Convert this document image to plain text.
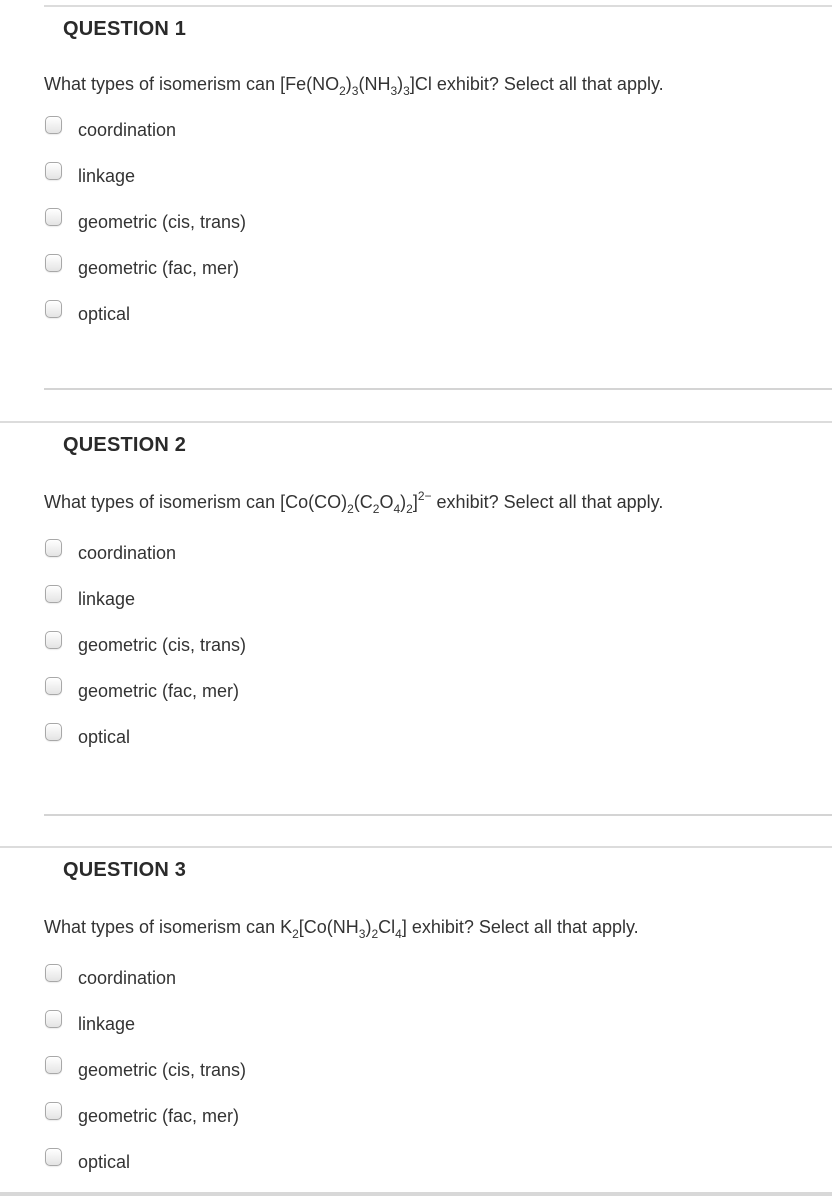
QUESTION 1
What types of isomerism can $[Fe(NO_2)_3(NH_3)_3]Cl$ exhibit? Select all that apply.
coordination
linkage
geometric (cis, trans)
geometric (fac, mer)
optical
QUESTION 2
What types of isomerism can $[Co(CO)_2(C_2O_4)_2]^{2-}$ exhibit? Select all that apply.
coordination
linkage
geometric (cis, trans)
geometric (fac, mer)
optical
QUESTION 3
What types of isomerism can $K_2[Co(NH_3)_2Cl_4]$ exhibit? Select all that apply.
coordination
linkage
geometric (cis, trans)
geometric (fac, mer)
optical
